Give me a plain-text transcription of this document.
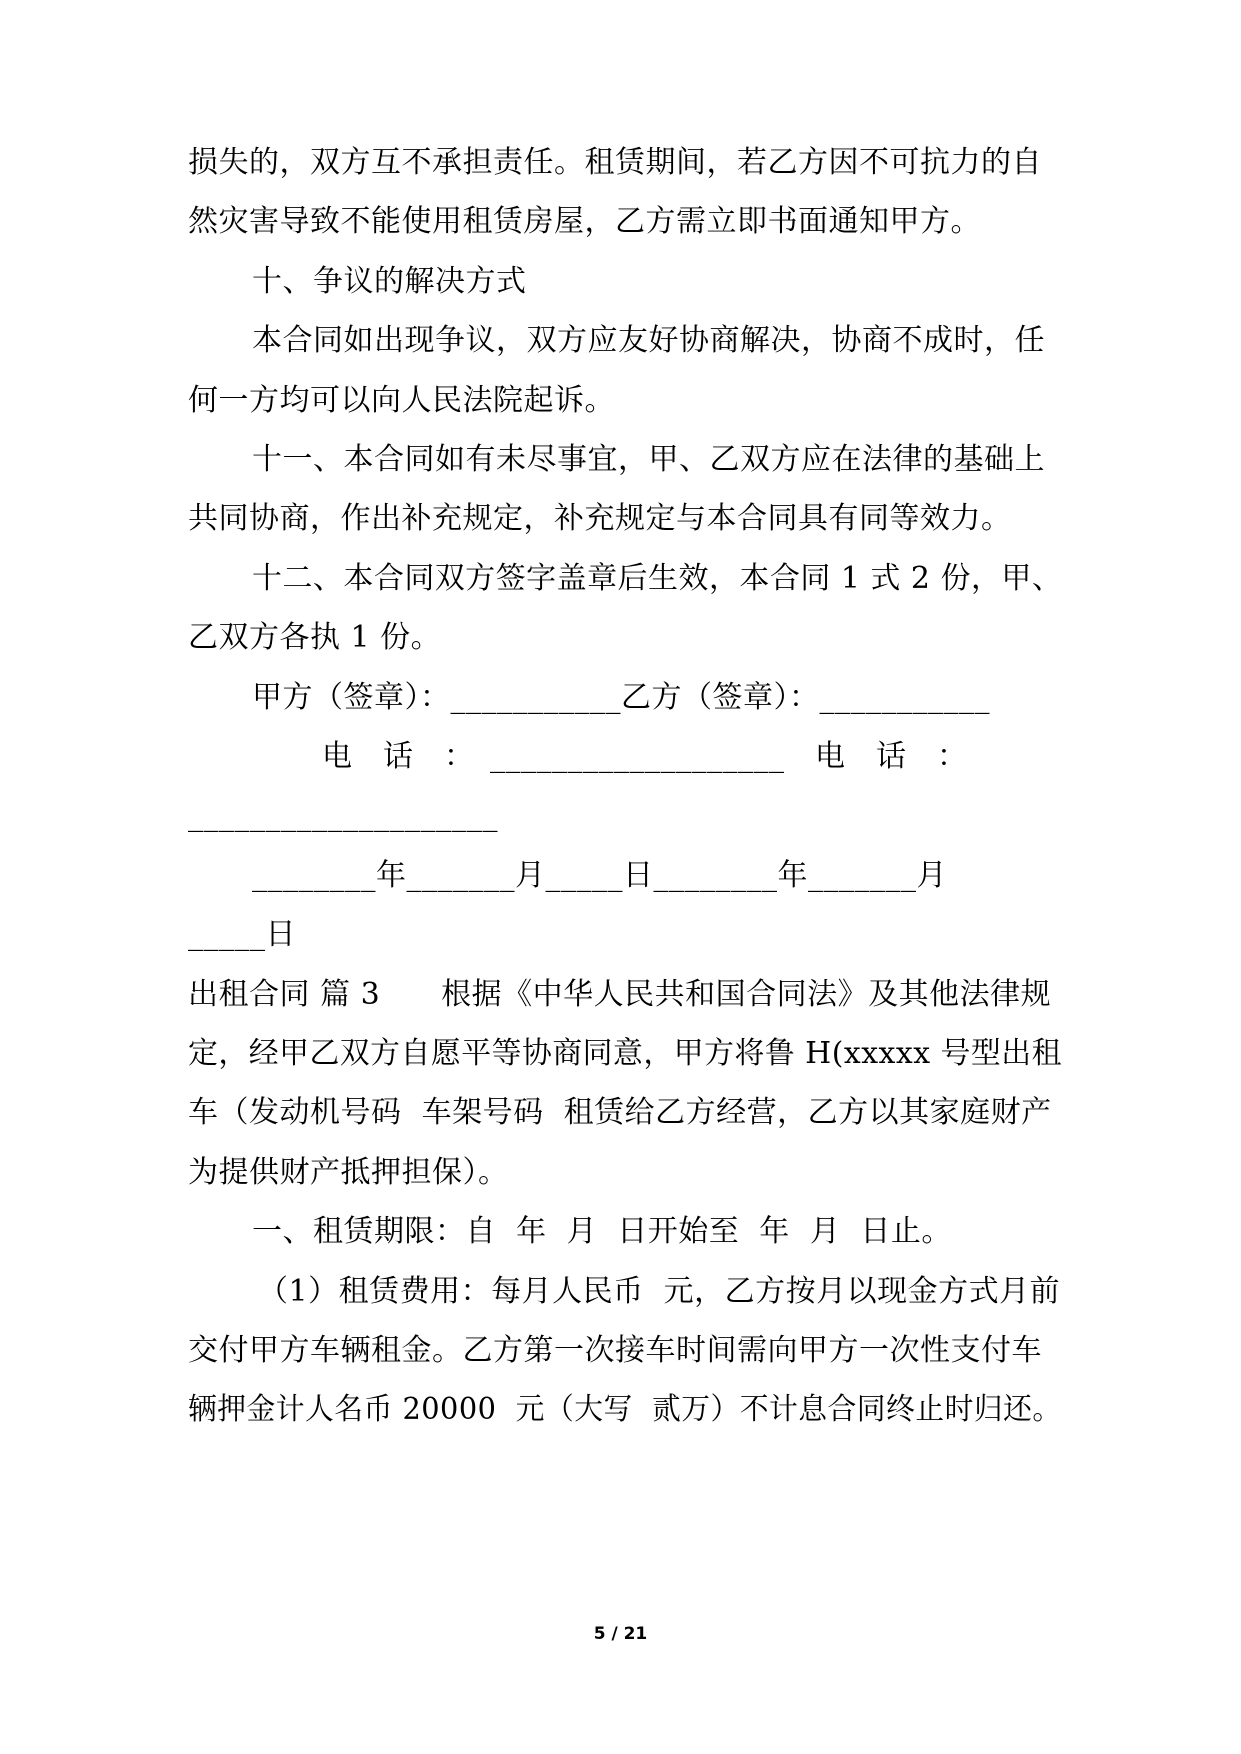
损失的，双方互不承担责任。租赁期间，若乙方因不可抗力的自
然灾害导致不能使用租赁房屋，乙方需立即书面通知甲方。
十、争议的解决方式
本合同如出现争议，双方应友好协商解决，协商不成时，任
何一方均可以向人民法院起诉。
十一、本合同如有未尽事宜，甲、乙双方应在法律的基础上
共同协商，作出补充规定，补充规定与本合同具有同等效力。
十二、本合同双方签字盖章后生效，本合同 1 式 2 份，甲、
乙双方各执 1 份。
甲方（签章）：___________乙方（签章）：___________
电　话　：　___________________　电　话　：
____________________
________年_______月_____日________年_______月
_____日
出租合同 篇 3　　根据《中华人民共和国合同法》及其他法律规
定，经甲乙双方自愿平等协商同意，甲方将鲁 H(xxxxx 号型出租
车（发动机号码  车架号码  租赁给乙方经营，乙方以其家庭财产
为提供财产抵押担保）。
一、租赁期限：自  年  月  日开始至  年  月  日止。
（1）租赁费用：每月人民币  元，乙方按月以现金方式月前
交付甲方车辆租金。乙方第一次接车时间需向甲方一次性支付车
辆押金计人名币 20000  元（大写  贰万）不计息合同终止时归还。
5 / 21
